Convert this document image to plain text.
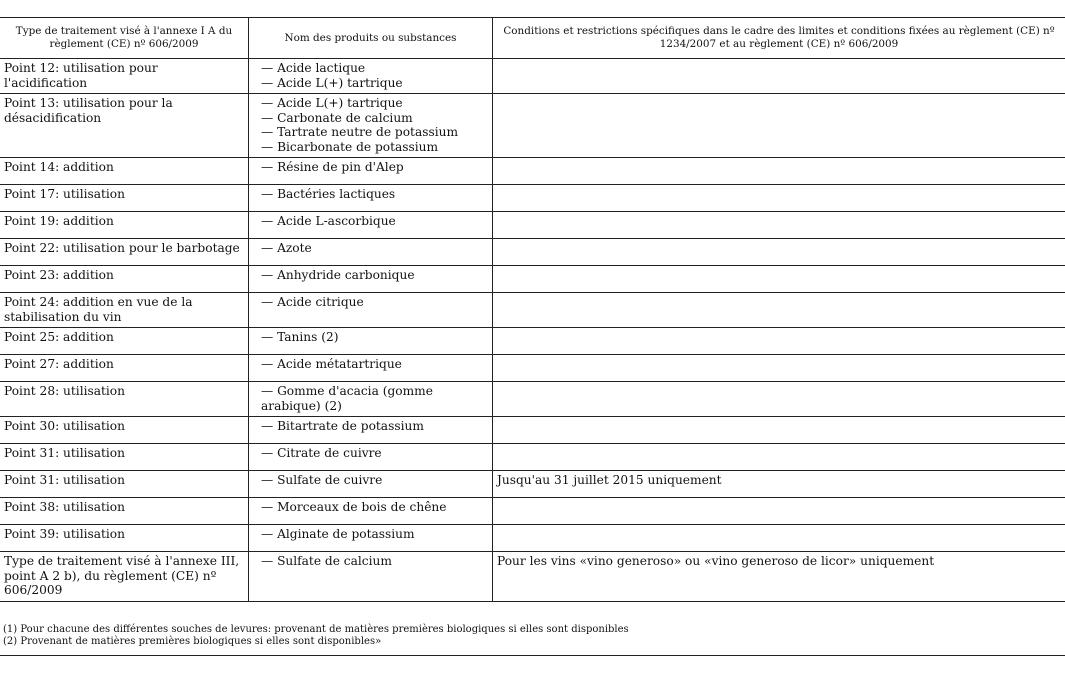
Type de traitement visé à l'annexe I A du règlement (CE) nº 606/2009	Nom des produits ou substances	Conditions et restrictions spécifiques dans le cadre des limites et conditions fixées au règlement (CE) nº 1234/2007 et au règlement (CE) nº 606/2009
Point 12: utilisation pour l'acidification	— Acide lactique
— Acide L(+) tartrique

Point 13: utilisation pour la désacidification	— Acide L(+) tartrique
— Carbonate de calcium
— Tartrate neutre de potassium
— Bicarbonate de potassium

Point 14: addition	— Résine de pin d'Alep

Point 17: utilisation	— Bactéries lactiques

Point 19: addition	— Acide L-ascorbique

Point 22: utilisation pour le barbotage	— Azote

Point 23: addition	— Anhydride carbonique

Point 24: addition en vue de la stabilisation du vin	— Acide citrique

Point 25: addition	— Tanins (2)

Point 27: addition	— Acide métatartrique

Point 28: utilisation	— Gomme d'acacia (gomme arabique) (2)

Point 30: utilisation	— Bitartrate de potassium

Point 31: utilisation	— Citrate de cuivre

Point 31: utilisation	— Sulfate de cuivre	Jusqu'au 31 juillet 2015 uniquement
Point 38: utilisation	— Morceaux de bois de chêne

Point 39: utilisation	— Alginate de potassium

Type de traitement visé à l'annexe III, point A 2 b), du règlement (CE) nº 606/2009	— Sulfate de calcium	Pour les vins «vino generoso» ou «vino generoso de licor» uniquement
(1) Pour chacune des différentes souches de levures: provenant de matières premières biologiques si elles sont disponibles
(2) Provenant de matières premières biologiques si elles sont disponibles»
